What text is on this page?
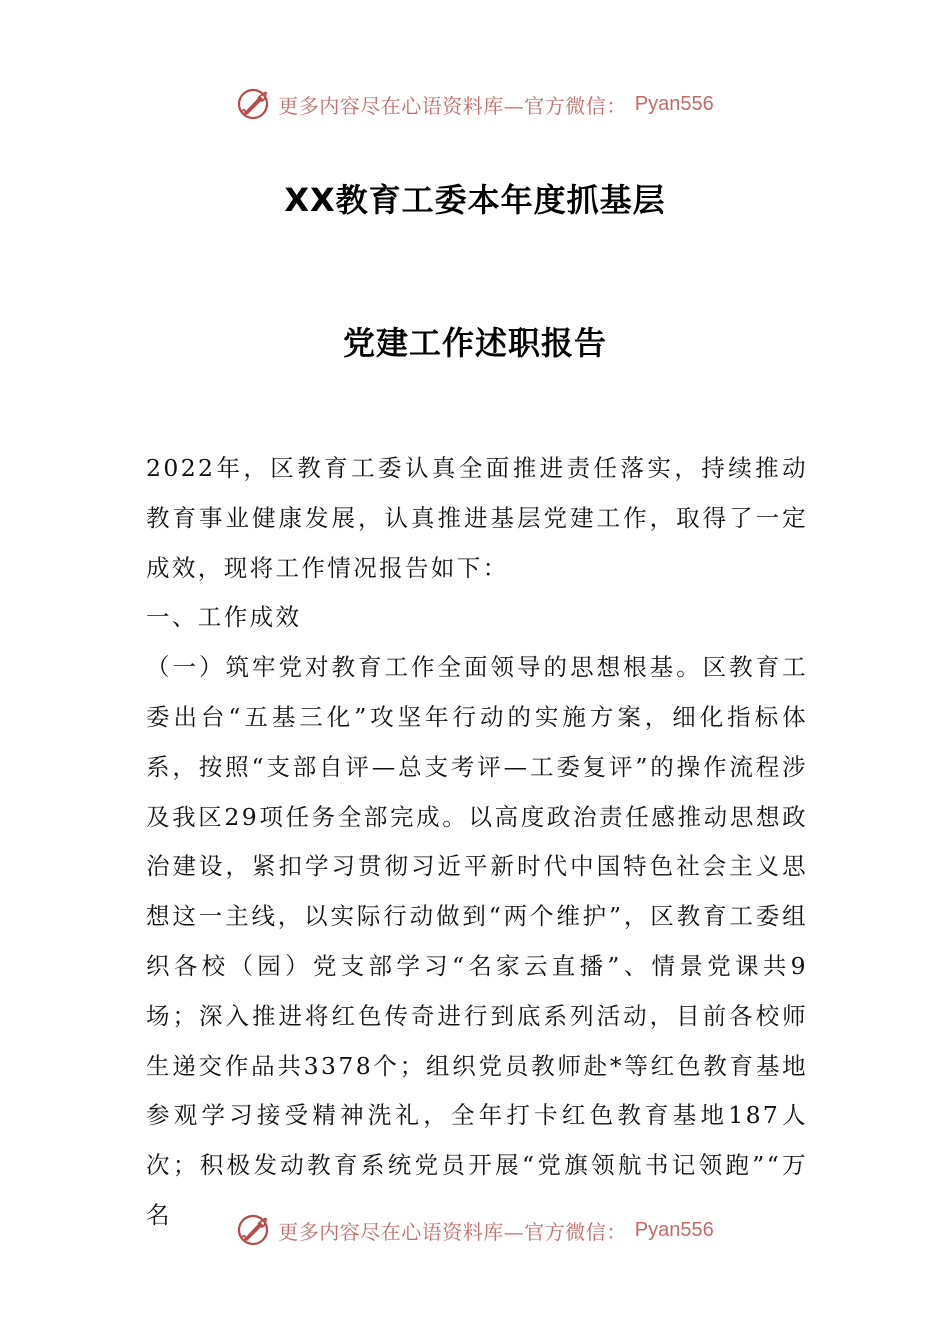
更多内容尽在心语资料库—官方微信： Pyan556
XX教育工委本年度抓基层
党建工作述职报告

2022年，区教育工委认真全面推进责任落实，持续推动教育事业健康发展，认真推进基层党建工作，取得了一定成效，现将工作情况报告如下：

一、工作成效

（一）筑牢党对教育工作全面领导的思想根基。区教育工委出台“五基三化”攻坚年行动的实施方案，细化指标体系，按照“支部自评—总支考评—工委复评”的操作流程涉及我区29项任务全部完成。以高度政治责任感推动思想政治建设，紧扣学习贯彻习近平新时代中国特色社会主义思想这一主线，以实际行动做到“两个维护”，区教育工委组织各校（园）党支部学习“名家云直播”、情景党课共9场；深入推进将红色传奇进行到底系列活动，目前各校师生递交作品共3378个；组织党员教师赴*等红色教育基地参观学习接受精神洗礼，全年打卡红色教育基地187人次；积极发动教育系统党员开展“党旗领航书记领跑”“万名

更多内容尽在心语资料库—官方微信： Pyan556
